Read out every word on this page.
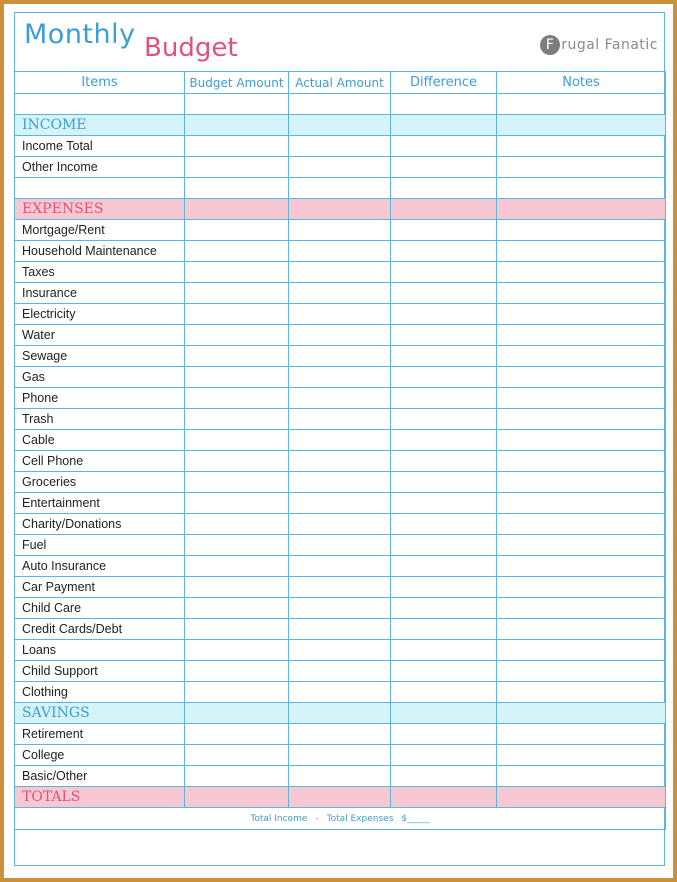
Monthly Budget	F rugal Fanatic
Items	Budget Amount	Actual Amount	Difference	Notes

INCOME				
Income Total				
Other Income				

EXPENSES				
Mortgage/Rent				
Household Maintenance				
Taxes				
Insurance				
Electricity				
Water				
Sewage				
Gas				
Phone				
Trash				
Cable				
Cell Phone				
Groceries				
Entertainment				
Charity/Donations				
Fuel				
Auto Insurance				
Car Payment				
Child Care				
Credit Cards/Debt				
Loans				
Child Support				
Clothing				
SAVINGS				
Retirement				
College				
Basic/Other				
TOTALS				
Total Income - Total Expenses $_____				
